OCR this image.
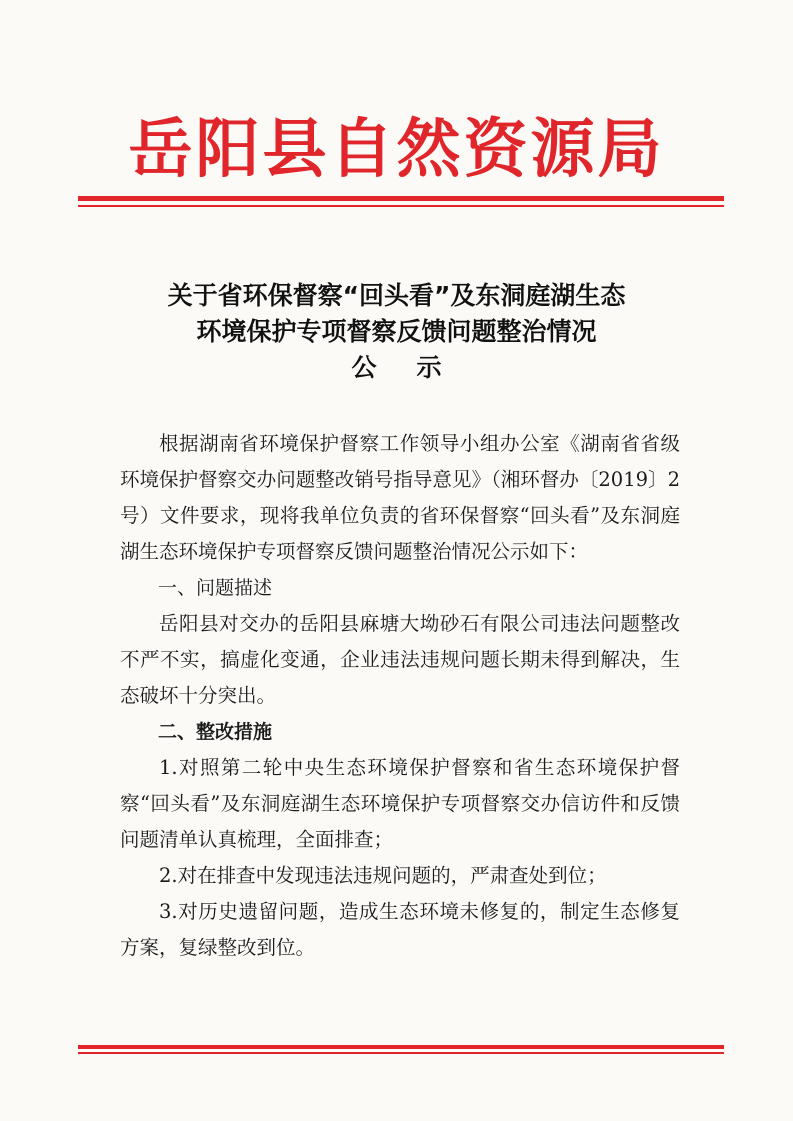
岳阳县自然资源局
关于省环保督察“回头看”及东洞庭湖生态
环境保护专项督察反馈问题整治情况
公示

根据湖南省环境保护督察工作领导小组办公室《湖南省省级环境保护督察交办问题整改销号指导意见》（湘环督办〔2019〕2号）文件要求，现将我单位负责的省环保督察“回头看”及东洞庭湖生态环境保护专项督察反馈问题整治情况公示如下：

一、问题描述

岳阳县对交办的岳阳县麻塘大坳砂石有限公司违法问题整改不严不实，搞虚化变通，企业违法违规问题长期未得到解决，生态破坏十分突出。

二、整改措施

1.对照第二轮中央生态环境保护督察和省生态环境保护督察“回头看”及东洞庭湖生态环境保护专项督察交办信访件和反馈问题清单认真梳理，全面排查；

2.对在排查中发现违法违规问题的，严肃查处到位；

3.对历史遗留问题，造成生态环境未修复的，制定生态修复方案，复绿整改到位。
